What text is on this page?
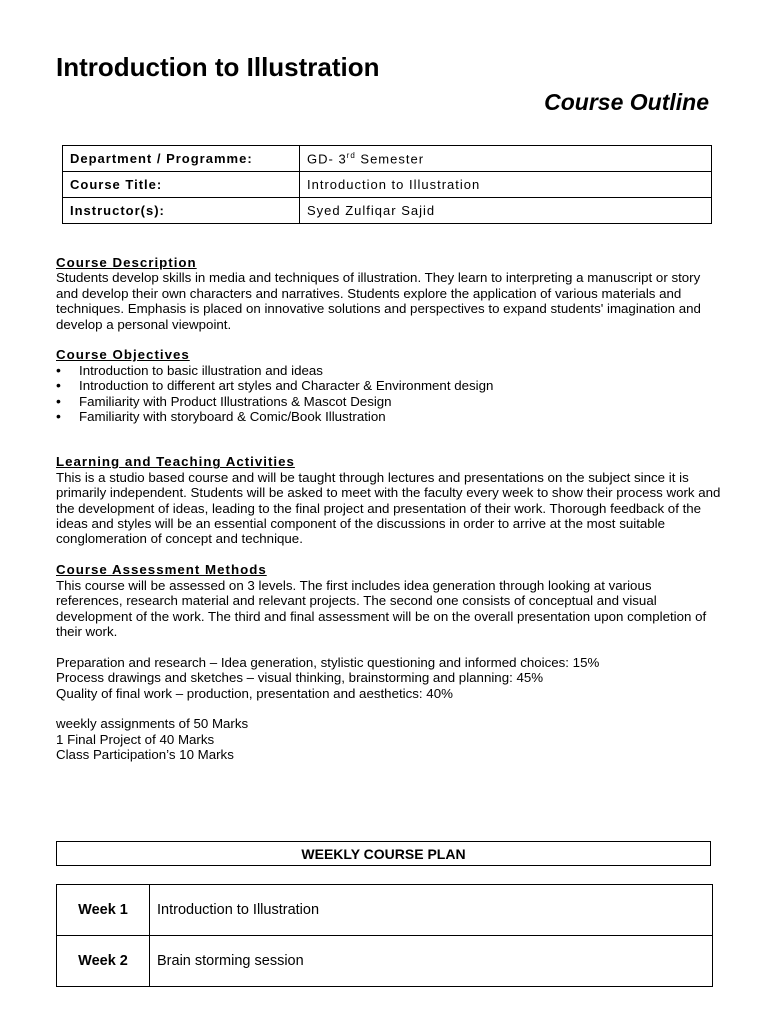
Introduction to Illustration
Course Outline
Department / Programme:	GD- 3rd Semester
Course Title:	Introduction to Illustration
Instructor(s):	Syed Zulfiqar Sajid

Course Description

Students develop skills in media and techniques of illustration. They learn to interpreting a manuscript or story and develop their own characters and narratives. Students explore the application of various materials and techniques. Emphasis is placed on innovative solutions and perspectives to expand students' imagination and develop a personal viewpoint.

Course Objectives

• Introduction to basic illustration and ideas
• Introduction to different art styles and Character & Environment design
• Familiarity with Product Illustrations & Mascot Design
• Familiarity with storyboard & Comic/Book Illustration

Learning and Teaching Activities

This is a studio based course and will be taught through lectures and presentations on the subject since it is primarily independent. Students will be asked to meet with the faculty every week to show their process work and the development of ideas, leading to the final project and presentation of their work. Thorough feedback of the ideas and styles will be an essential component of the discussions in order to arrive at the most suitable conglomeration of concept and technique.

Course Assessment Methods

This course will be assessed on 3 levels. The first includes idea generation through looking at various references, research material and relevant projects. The second one consists of conceptual and visual development of the work. The third and final assessment will be on the overall presentation upon completion of their work.

Preparation and research – Idea generation, stylistic questioning and informed choices: 15%

Process drawings and sketches – visual thinking, brainstorming and planning: 45%

Quality of final work – production, presentation and aesthetics: 40%

weekly assignments of 50 Marks

1 Final Project of 40 Marks

Class Participation’s 10 Marks

WEEKLY COURSE PLAN
Week 1	Introduction to Illustration
Week 2	Brain storming session
